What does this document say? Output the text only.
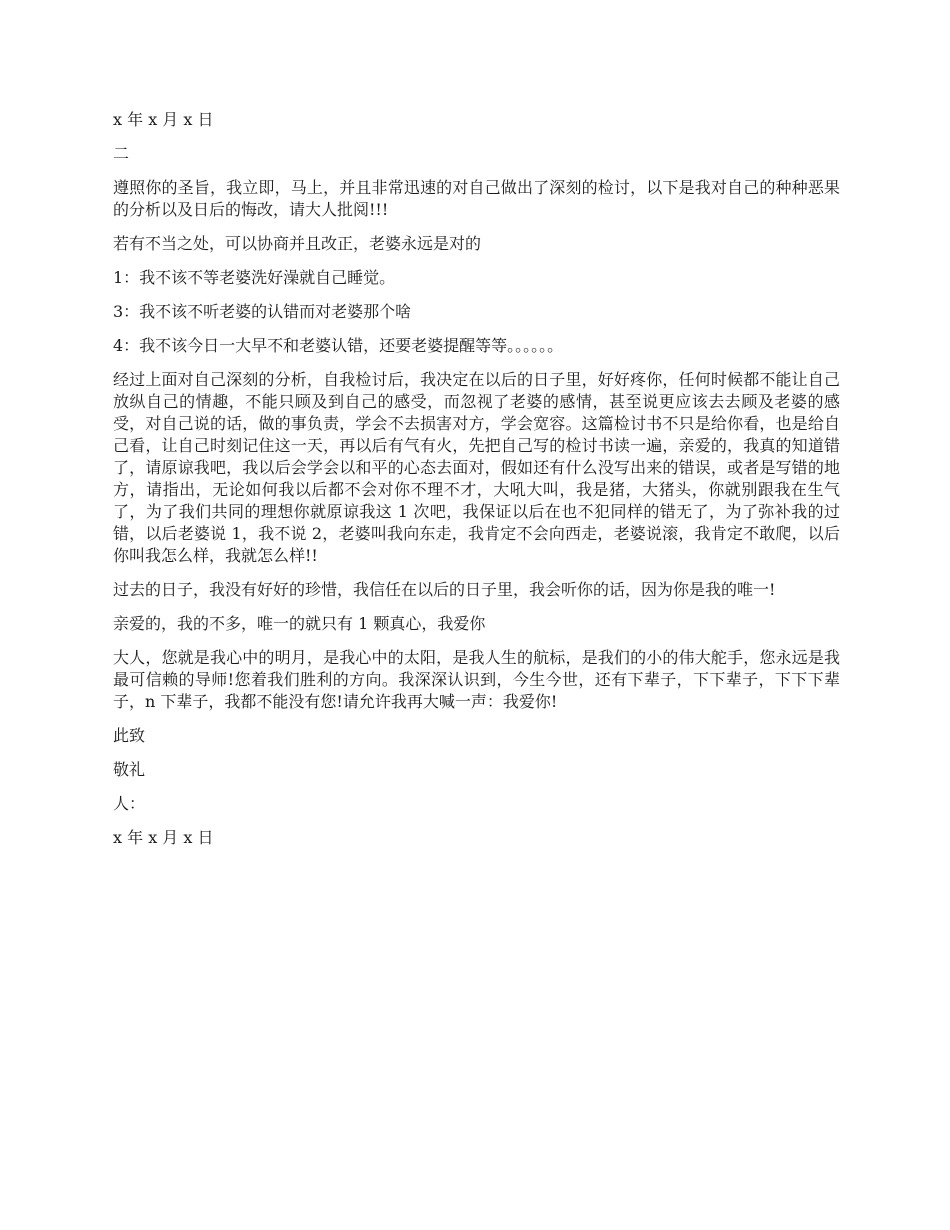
x 年 x 月 x 日

二

遵照你的圣旨，我立即，马上，并且非常迅速的对自己做出了深刻的检讨，以下是我对自己的种种恶果的分析以及日后的悔改，请大人批阅!!!

若有不当之处，可以协商并且改正，老婆永远是对的

1：我不该不等老婆洗好澡就自己睡觉。

3：我不该不听老婆的认错而对老婆那个啥

4：我不该今日一大早不和老婆认错，还要老婆提醒等等。。。。。。

经过上面对自己深刻的分析，自我检讨后，我决定在以后的日子里，好好疼你，任何时候都不能让自己放纵自己的情趣，不能只顾及到自己的感受，而忽视了老婆的感情，甚至说更应该去去顾及老婆的感受，对自己说的话，做的事负责，学会不去损害对方，学会宽容。这篇检讨书不只是给你看，也是给自己看，让自己时刻记住这一天，再以后有气有火，先把自己写的检讨书读一遍，亲爱的，我真的知道错了，请原谅我吧，我以后会学会以和平的心态去面对，假如还有什么没写出来的错误，或者是写错的地方，请指出，无论如何我以后都不会对你不理不才，大吼大叫，我是猪，大猪头，你就别跟我在生气了，为了我们共同的理想你就原谅我这 1 次吧，我保证以后在也不犯同样的错无了，为了弥补我的过错，以后老婆说 1，我不说 2，老婆叫我向东走，我肯定不会向西走，老婆说滚，我肯定不敢爬，以后你叫我怎么样，我就怎么样!!

过去的日子，我没有好好的珍惜，我信任在以后的日子里，我会听你的话，因为你是我的唯一!

亲爱的，我的不多，唯一的就只有 1 颗真心，我爱你

大人，您就是我心中的明月，是我心中的太阳，是我人生的航标，是我们的小的伟大舵手，您永远是我最可信赖的导师!您着我们胜利的方向。我深深认识到，今生今世，还有下辈子，下下辈子，下下下辈子，n 下辈子，我都不能没有您!请允许我再大喊一声：我爱你!

此致

敬礼

人：

x 年 x 月 x 日
